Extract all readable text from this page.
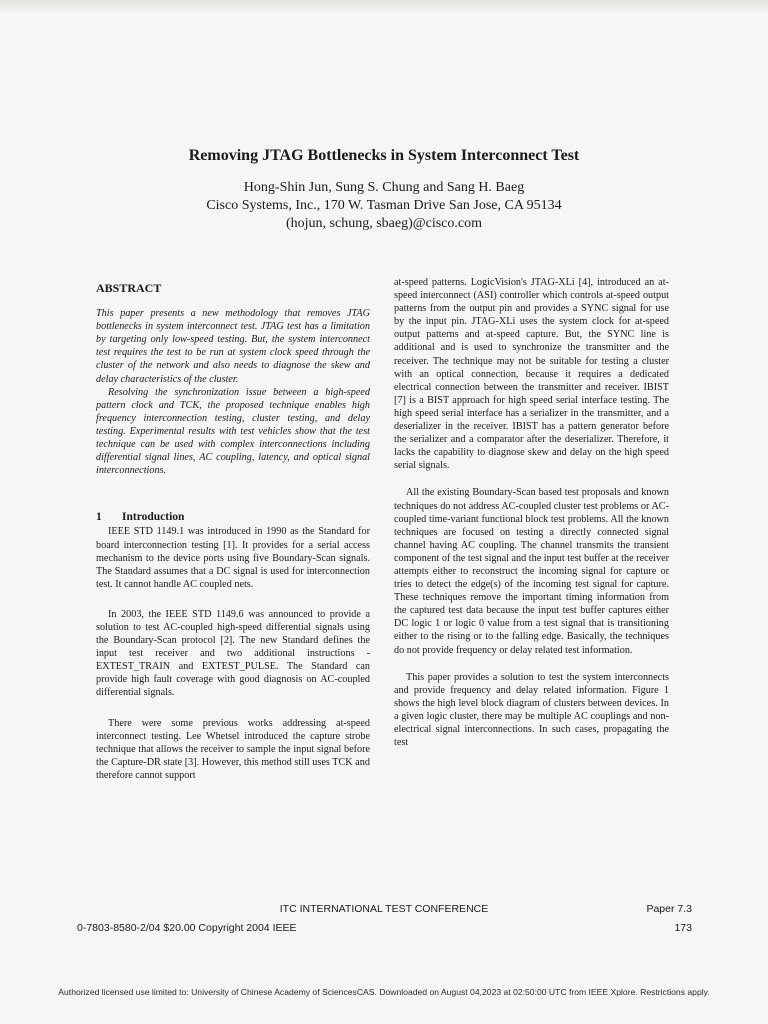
Removing JTAG Bottlenecks in System Interconnect Test
Hong-Shin Jun, Sung S. Chung and Sang H. Baeg
Cisco Systems, Inc., 170 W. Tasman Drive San Jose, CA 95134
(hojun, schung, sbaeg)@cisco.com
ABSTRACT

This paper presents a new methodology that removes JTAG bottlenecks in system interconnect test. JTAG test has a limitation by targeting only low-speed testing. But, the system interconnect test requires the test to be run at system clock speed through the cluster of the network and also needs to diagnose the skew and delay characteristics of the cluster.

Resolving the synchronization issue between a high-speed pattern clock and TCK, the proposed technique enables high frequency interconnection testing, cluster testing, and delay testing. Experimental results with test vehicles show that the test technique can be used with complex interconnections including differential signal lines, AC coupling, latency, and optical signal interconnections.

1 Introduction

IEEE STD 1149.1 was introduced in 1990 as the Standard for board interconnection testing [1]. It provides for a serial access mechanism to the device ports using five Boundary-Scan signals. The Standard assumes that a DC signal is used for interconnection test. It cannot handle AC coupled nets.

In 2003, the IEEE STD 1149.6 was announced to provide a solution to test AC-coupled high-speed differential signals using the Boundary-Scan protocol [2]. The new Standard defines the input test receiver and two additional instructions - EXTEST_TRAIN and EXTEST_PULSE. The Standard can provide high fault coverage with good diagnosis on AC-coupled differential signals.

There were some previous works addressing at-speed interconnect testing. Lee Whetsel introduced the capture strobe technique that allows the receiver to sample the input signal before the Capture-DR state [3]. However, this method still uses TCK and therefore cannot support

at-speed patterns. LogicVision's JTAG-XLi [4], introduced an at-speed interconnect (ASI) controller which controls at-speed output patterns from the output pin and provides a SYNC signal for use by the input pin. JTAG-XLi uses the system clock for at-speed output patterns and at-speed capture. But, the SYNC line is additional and is used to synchronize the transmitter and the receiver. The technique may not be suitable for testing a cluster with an optical connection, because it requires a dedicated electrical connection between the transmitter and receiver. IBIST [7] is a BIST approach for high speed serial interface testing. The high speed serial interface has a serializer in the transmitter, and a deserializer in the receiver. IBIST has a pattern generator before the serializer and a comparator after the deserializer. Therefore, it lacks the capability to diagnose skew and delay on the high speed serial signals.

All the existing Boundary-Scan based test proposals and known techniques do not address AC-coupled cluster test problems or AC-coupled time-variant functional block test problems. All the known techniques are focused on testing a directly connected signal channel having AC coupling. The channel transmits the transient component of the test signal and the input test buffer at the receiver attempts either to reconstruct the incoming signal for capture or tries to detect the edge(s) of the incoming test signal for capture. These techniques remove the important timing information from the captured test data because the input test buffer captures either DC logic 1 or logic 0 value from a test signal that is transitioning either to the rising or to the falling edge. Basically, the techniques do not provide frequency or delay related test information.

This paper provides a solution to test the system interconnects and provide frequency and delay related information. Figure 1 shows the high level block diagram of clusters between devices. In a given logic cluster, there may be multiple AC couplings and non-electrical signal interconnections. In such cases, propagating the test

ITC INTERNATIONAL TEST CONFERENCE	Paper 7.3
0-7803-8580-2/04 $20.00 Copyright 2004 IEEE	173
Authorized licensed use limited to: University of Chinese Academy of SciencesCAS. Downloaded on August 04,2023 at 02:50:00 UTC from IEEE Xplore. Restrictions apply.
